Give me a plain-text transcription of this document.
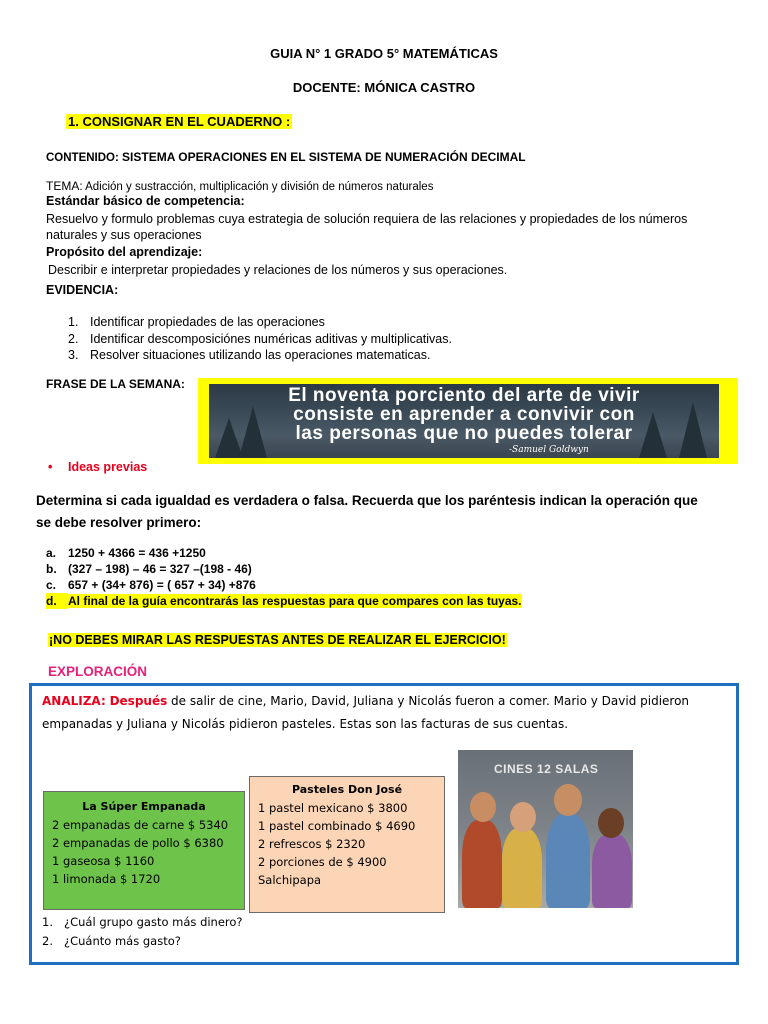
GUIA N° 1 GRADO 5° MATEMÁTICAS
DOCENTE: MÓNICA CASTRO
1. CONSIGNAR EN EL CUADERNO :
CONTENIDO: SISTEMA OPERACIONES EN EL SISTEMA DE NUMERACIÓN DECIMAL
TEMA: Adición y sustracción, multiplicación y división de números naturales
Estándar básico de competencia:
Resuelvo y formulo problemas cuya estrategia de solución requiera de las relaciones y propiedades de los números naturales y sus operaciones
Propósito del aprendizaje:
Describir e interpretar propiedades y relaciones de los números y sus operaciones.
EVIDENCIA:
1. Identificar propiedades de las operaciones
2. Identificar descomposiciónes numéricas aditivas y multiplicativas.
3. Resolver situaciones utilizando las operaciones matematicas.
FRASE DE LA SEMANA:
El noventa porciento del arte de vivir
consiste en aprender a convivir con
las personas que no puedes tolerar
-Samuel Goldwyn
• Ideas previas
Determina si cada igualdad es verdadera o falsa. Recuerda que los paréntesis indican la operación que se debe resolver primero:
a. 1250 + 4366 = 436 +1250
b. (327 – 198) – 46 = 327 –(198 - 46)
c. 657 + (34+ 876) = ( 657 + 34) +876
d. Al final de la guía encontrarás las respuestas para que compares con las tuyas.
¡NO DEBES MIRAR LAS RESPUESTAS ANTES DE REALIZAR EL EJERCICIO!
EXPLORACIÓN
ANALIZA: Después de salir de cine, Mario, David, Juliana y Nicolás fueron a comer. Mario y David pidieron empanadas y Juliana y Nicolás pidieron pasteles. Estas son las facturas de sus cuentas.
La Súper Empanada
2 empanadas de carne $ 5340
2 empanadas de pollo $ 6380
1 gaseosa $ 1160
1 limonada $ 1720
Pasteles Don José
1 pastel mexicano $ 3800
1 pastel combinado $ 4690
2 refrescos $ 2320
2 porciones de $ 4900
Salchipapa
CINES 12 SALAS
1. ¿Cuál grupo gasto más dinero?
2. ¿Cuánto más gasto?
